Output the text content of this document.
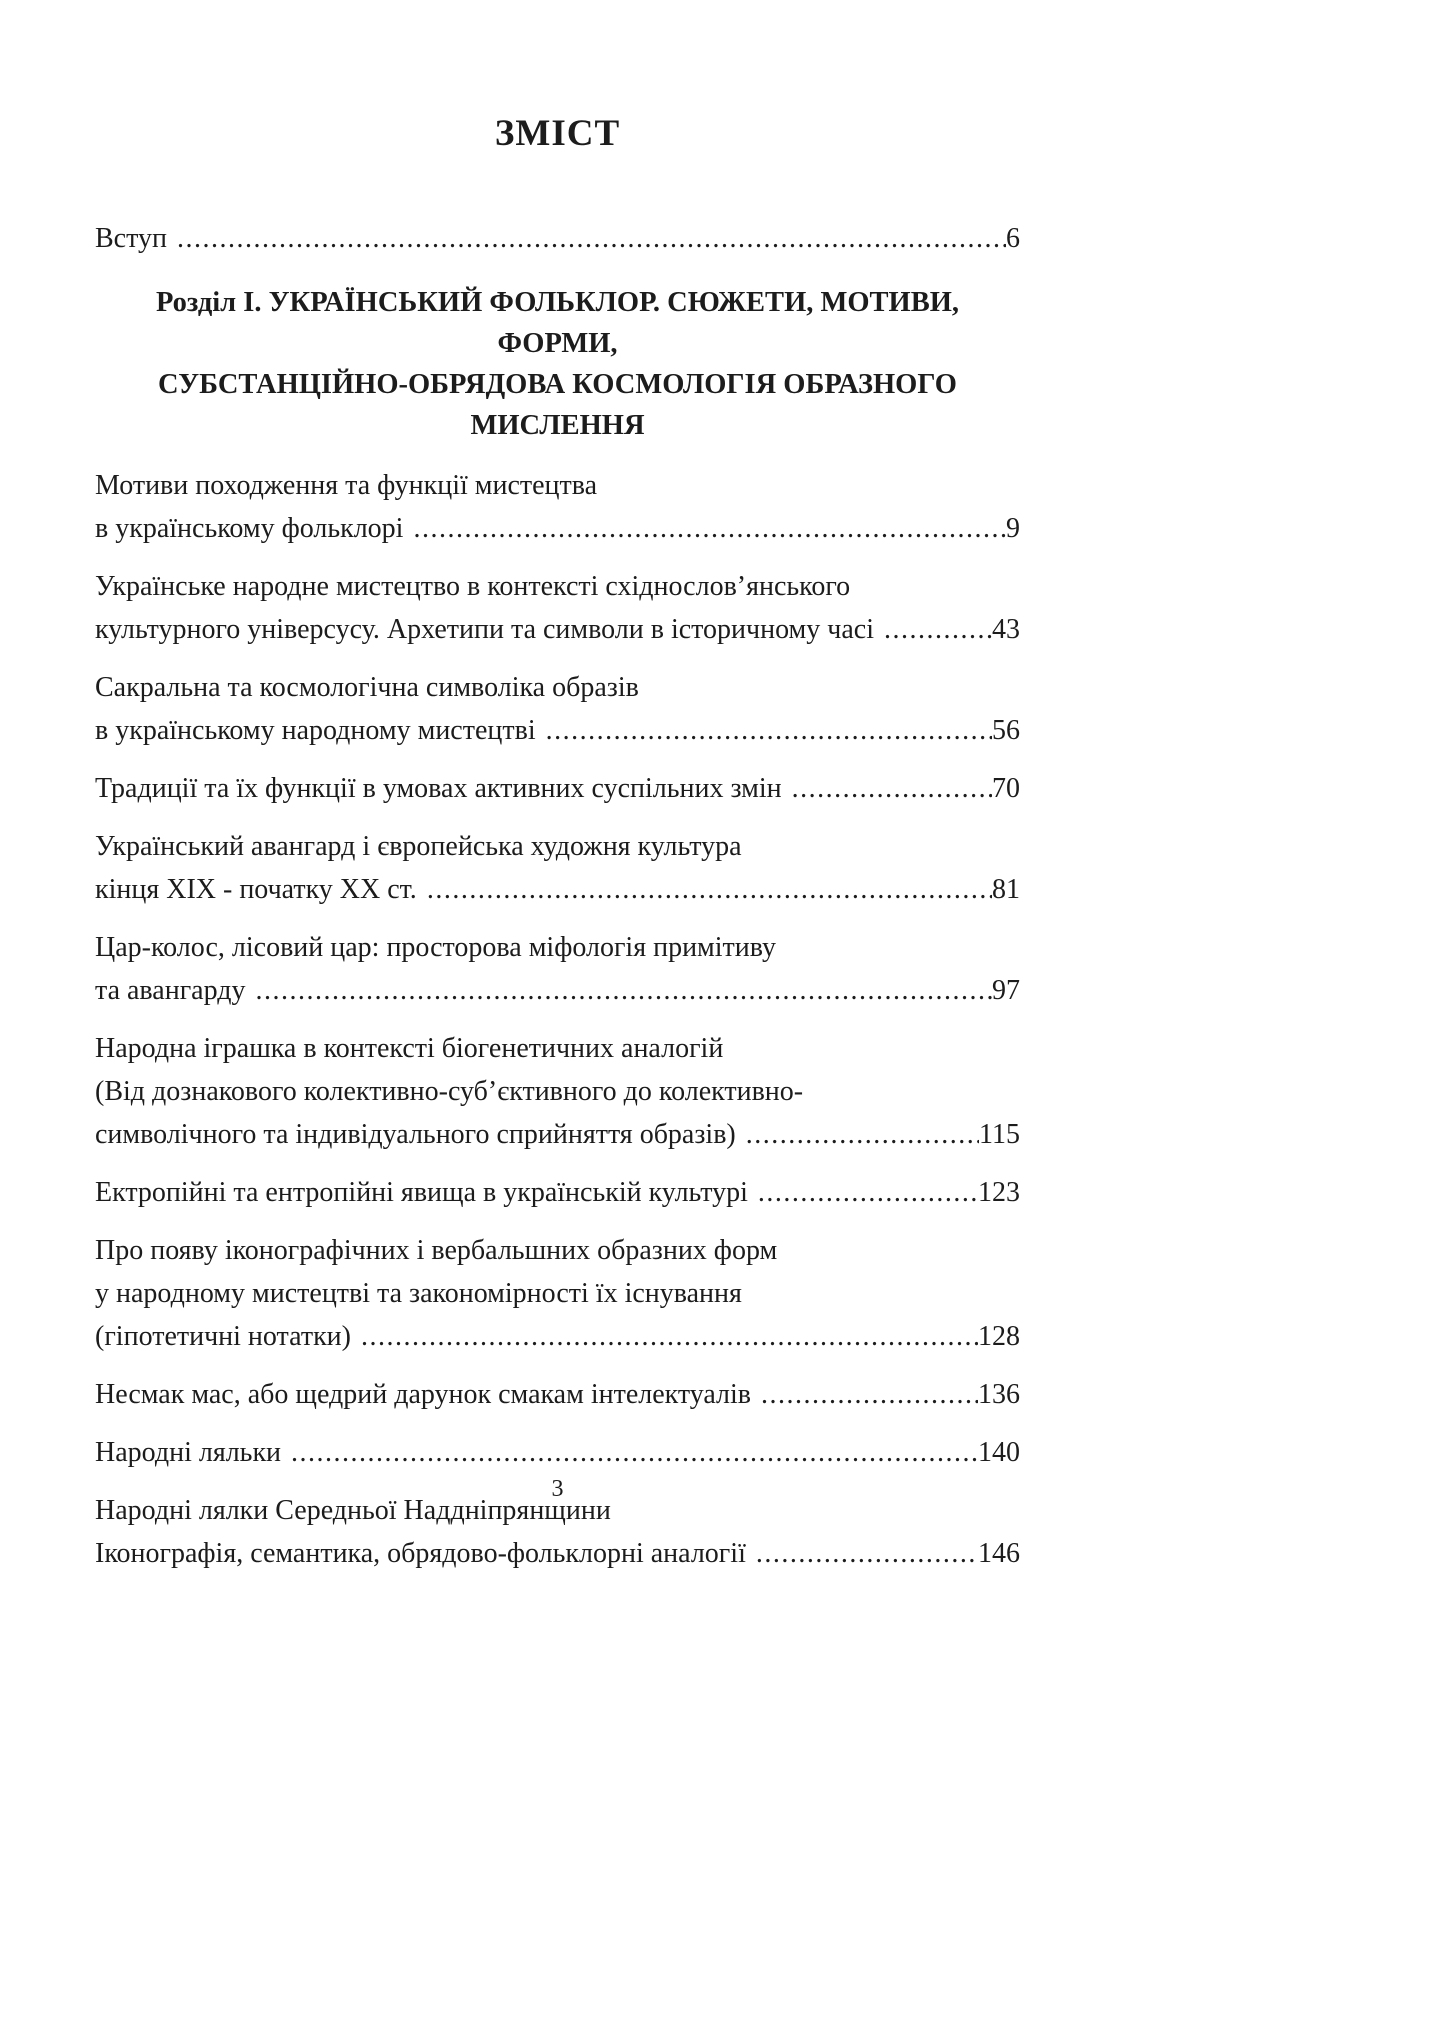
ЗМІСТ
Вступ .....	6
Розділ І. УКРАЇНСЬКИЙ ФОЛЬКЛОР. СЮЖЕТИ, МОТИВИ, ФОРМИ,
СУБСТАНЦІЙНО-ОБРЯДОВА КОСМОЛОГІЯ ОБРАЗНОГО МИСЛЕННЯ
Мотиви походження та функції мистецтва
в українському фольклорі .....	9
Українське народне мистецтво в контексті східнослов’янського
культурного універсусу. Архетипи та символи в історичному часі .....	43
Сакральна та космологічна символіка образів
в українському народному мистецтві .....	56
Традиції та їх функції в умовах активних суспільних змін .....	70
Український авангард і європейська художня культура
кінця XIX - початку XX ст. .....	81
Цар-колос, лісовий цар: просторова міфологія примітиву
та авангарду .....	97
Народна іграшка в контексті біогенетичних аналогій
(Від дознакового колективно-суб’єктивного до колективно-
символічного та індивідуального сприйняття образів) .....	115
Ектропійні та ентропійні явища в українській культурі .....	123
Про появу іконографічних і вербальшних образних форм
у народному мистецтві та закономірності їх існування
(гіпотетичні нотатки) .....	128
Несмак мас, або щедрий дарунок смакам інтелектуалів .....	136
Народні ляльки .....	140
Народні лялки Середньої Наддніпрянщини
Іконографія, семантика, обрядово-фольклорні аналогії .....	146
3
